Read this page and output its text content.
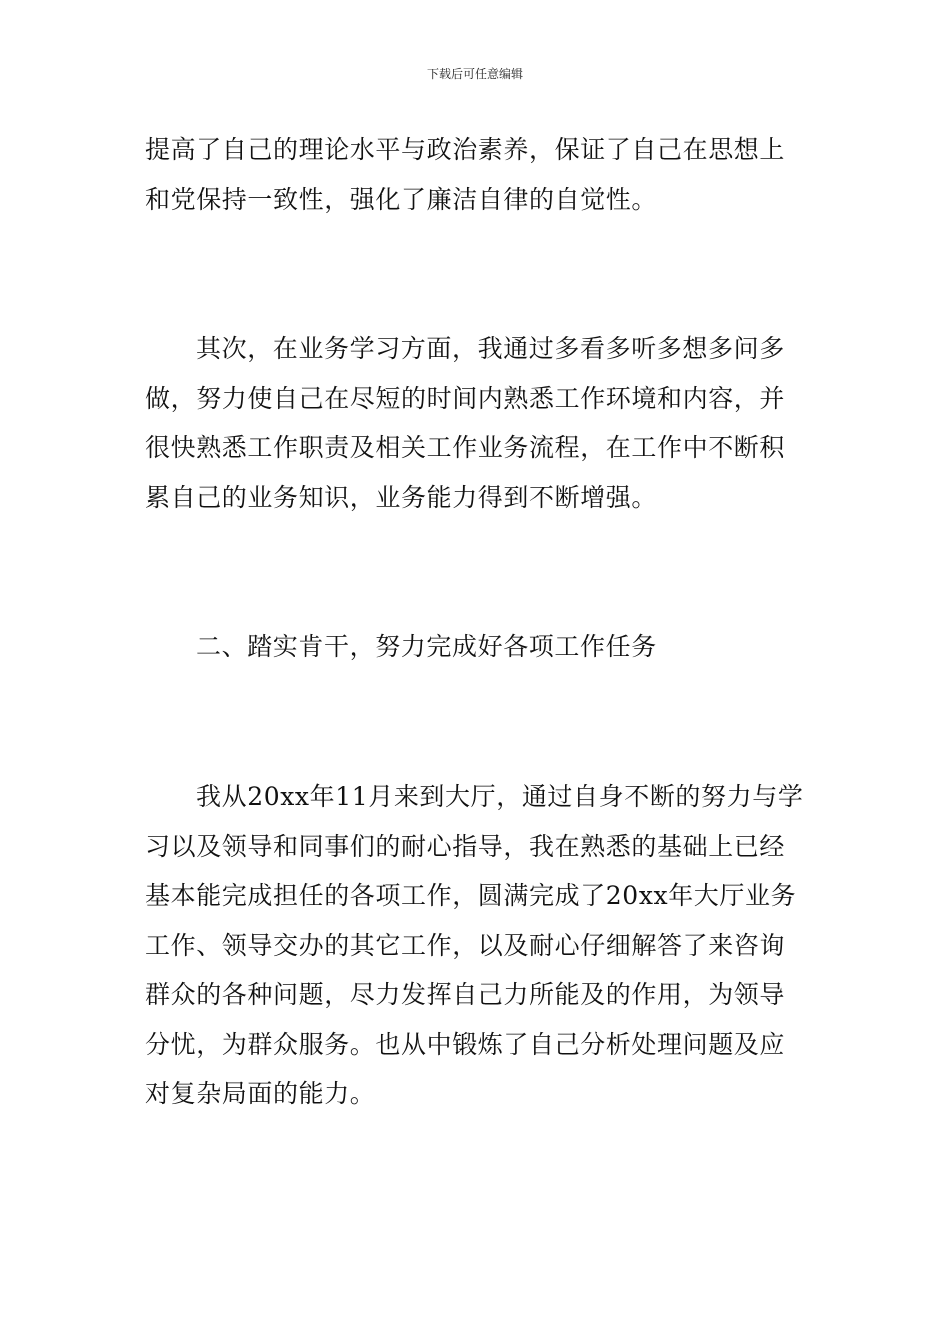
下载后可任意编辑
提高了自己的理论水平与政治素养，保证了自己在思想上
和党保持一致性，强化了廉洁自律的自觉性。
其次，在业务学习方面，我通过多看多听多想多问多
做，努力使自己在尽短的时间内熟悉工作环境和内容，并
很快熟悉工作职责及相关工作业务流程，在工作中不断积
累自己的业务知识，业务能力得到不断增强。
二、踏实肯干，努力完成好各项工作任务
我从20xx年11月来到大厅，通过自身不断的努力与学
习以及领导和同事们的耐心指导，我在熟悉的基础上已经
基本能完成担任的各项工作，圆满完成了20xx年大厅业务
工作、领导交办的其它工作，以及耐心仔细解答了来咨询
群众的各种问题，尽力发挥自己力所能及的作用，为领导
分忧，为群众服务。也从中锻炼了自己分析处理问题及应
对复杂局面的能力。
